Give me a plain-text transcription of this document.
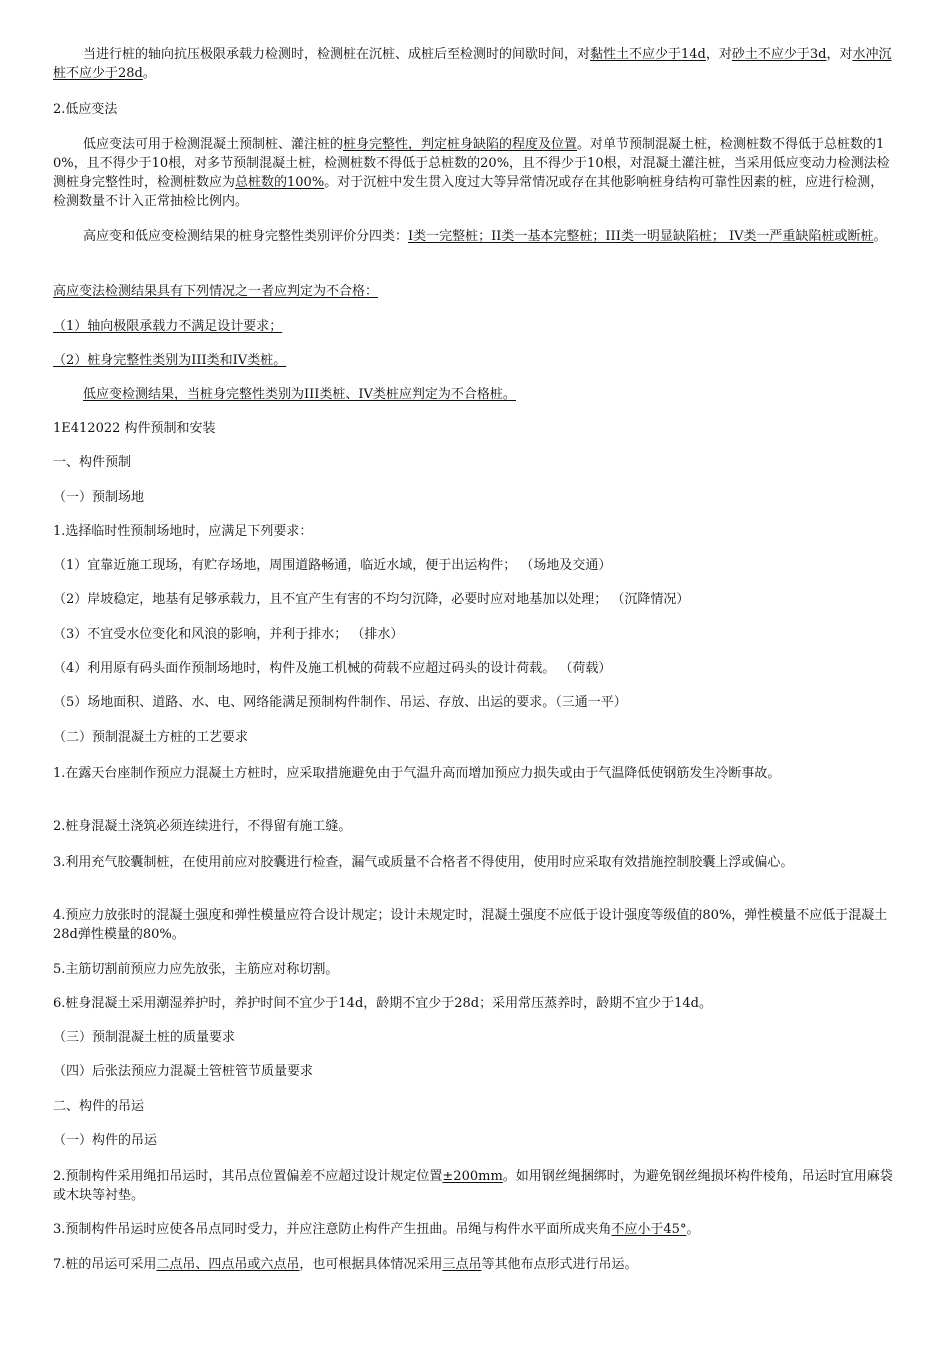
当进行桩的轴向抗压极限承载力检测时，检测桩在沉桩、成桩后至检测时的间歇时间，对黏性土不应少于14d，对砂土不应少于3d，对水冲沉桩不应少于28d。
2.低应变法
低应变法可用于检测混凝土预制桩、灌注桩的桩身完整性，判定桩身缺陷的程度及位置。对单节预制混凝土桩，检测桩数不得低于总桩数的10%，且不得少于10根，对多节预制混凝土桩，检测桩数不得低于总桩数的20%，且不得少于10根，对混凝土灌注桩，当采用低应变动力检测法检测桩身完整性时，检测桩数应为总桩数的100%。对于沉桩中发生贯入度过大等异常情况或存在其他影响桩身结构可靠性因素的桩，应进行检测，检测数量不计入正常抽检比例内。
高应变和低应变检测结果的桩身完整性类别评价分四类：I类一完整桩；II类一基本完整桩；III类一明显缺陷桩； IV类一严重缺陷桩或断桩。
高应变法检测结果具有下列情况之一者应判定为不合格：
（1）轴向极限承载力不满足设计要求；
（2）桩身完整性类别为III类和IV类桩。
低应变检测结果，当桩身完整性类别为III类桩、IV类桩应判定为不合格桩。
1E412022 构件预制和安装
一、构件预制
（一）预制场地
1.选择临时性预制场地时，应满足下列要求：
（1）宜靠近施工现场，有贮存场地，周围道路畅通，临近水域，便于出运构件； （场地及交通）
（2）岸坡稳定，地基有足够承载力，且不宜产生有害的不均匀沉降，必要时应对地基加以处理； （沉降情况）
（3）不宜受水位变化和风浪的影响，并利于排水； （排水）
（4）利用原有码头面作预制场地时，构件及施工机械的荷载不应超过码头的设计荷载。 （荷载）
（5）场地面积、道路、水、电、网络能满足预制构件制作、吊运、存放、出运的要求。（三通一平）
（二）预制混凝土方桩的工艺要求
1.在露天台座制作预应力混凝土方桩时，应采取措施避免由于气温升高而增加预应力损失或由于气温降低使钢筋发生冷断事故。
2.桩身混凝土浇筑必须连续进行，不得留有施工缝。
3.利用充气胶囊制桩，在使用前应对胶囊进行检查，漏气或质量不合格者不得使用，使用时应采取有效措施控制胶囊上浮或偏心。
4.预应力放张时的混凝土强度和弹性模量应符合设计规定；设计未规定时，混凝土强度不应低于设计强度等级值的80%，弹性模量不应低于混凝土28d弹性模量的80%。
5.主筋切割前预应力应先放张，主筋应对称切割。
6.桩身混凝土采用潮湿养护时，养护时间不宜少于14d，龄期不宜少于28d；采用常压蒸养时，龄期不宜少于14d。
（三）预制混凝土桩的质量要求
（四）后张法预应力混凝土管桩管节质量要求
二、构件的吊运
（一）构件的吊运
2.预制构件采用绳扣吊运时，其吊点位置偏差不应超过设计规定位置±200mm。如用钢丝绳捆绑时，为避免钢丝绳损坏构件棱角，吊运时宜用麻袋或木块等衬垫。
3.预制构件吊运时应使各吊点同时受力，并应注意防止构件产生扭曲。吊绳与构件水平面所成夹角不应小于45°。
7.桩的吊运可采用二点吊、四点吊或六点吊，也可根据具体情况采用三点吊等其他布点形式进行吊运。
